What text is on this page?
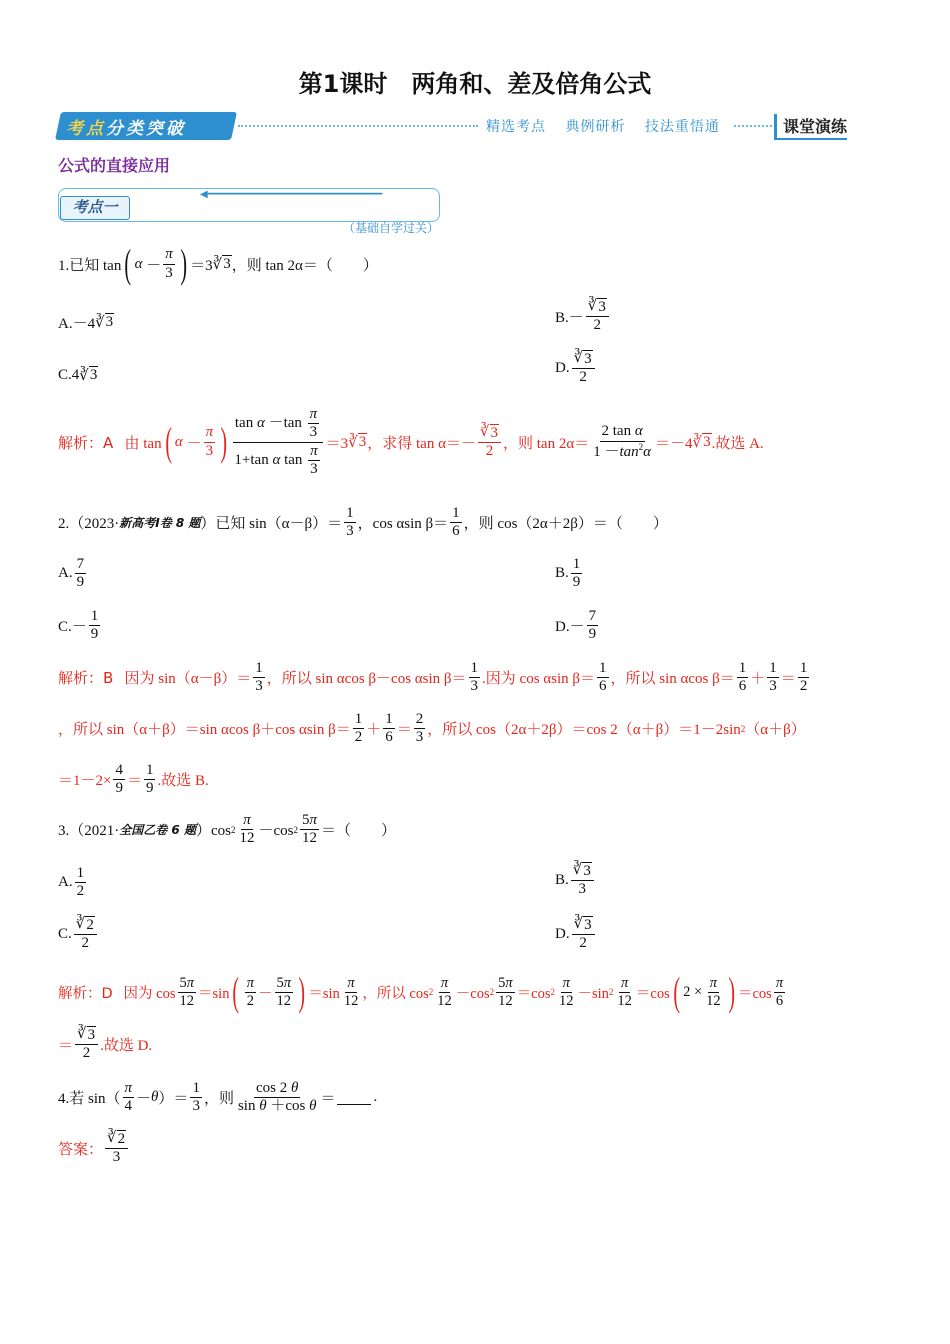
第1课时　两角和、差及倍角公式
考点分类突破	精选考点 典例研析 技法重悟通	课堂演练
公式的直接应用
◀━━━━━━━━━━━━━━━━━━━━━━━━━━━━━
考点一
（基础自学过关）
1.已知 tan ( $\alpha - \frac{\pi}{3}$ ) ＝3 ∛ 3 ，则 tan 2α＝（　　）
A.－4 ∛ 3	$B.- \frac{∛ 3}{2}$
C.4 ∛ 3	D. $\frac{∛ 3}{2}$
解析：A 由 tan ( $\alpha - \frac{\pi}{3}$ ) $\frac{\tan \alpha -\tan \frac{\pi}{3}}{1+\tan \alpha \tan \frac{\pi}{3}} =3$ ∛ 3 ， 求得 $\tan \alpha=- \frac{∛ 3}{2}$ ，则 $\tan 2\alpha= \frac{\text{2 tan α}}{1 -\tan^2\alpha} =-4$ ∛ 3 .故选 A.
2.（2023· 新高考Ⅰ卷 8 题 ）已知 $\sin(\alpha-\beta)= \frac{1}{3}$ ，cos αsin $\beta= \frac{1}{6}$ ，则 cos（2α＋2β）＝（　　）
A. $\frac{7}{9}$	B. $\frac{1}{9}$
$C.- \frac{1}{9}$	$D.- \frac{7}{9}$
解析：B
因为 $\sin(\alpha-\beta)= \frac{1}{3}$ ，所以 sin αcos β－cos αsin $\beta= \frac{1}{3}$ .因为 cos αsin $\beta= \frac{1}{6}$ ，所以 sin αcos $\beta= \frac{1}{6} + \frac{1}{3} = \frac{1}{2}$
，所以 sin（α＋β）＝sin αcos β＋cos αsin $\beta= \frac{1}{2} + \frac{1}{6} = \frac{2}{3}$ ，所以 cos（2α＋2β）＝cos 2（α＋β）＝1－2sin 2 （α＋β）
$=1-2\times \frac{4}{9} = \frac{1}{9}$ .故选 B.
3.（2021· 全国乙卷 6 题 ）cos $2 \frac{\pi}{12} -\cos$ $2 \frac{5\pi}{12}$ ＝（　　）
A. $\frac{1}{2}$	B. $\frac{∛ 3}{3}$
C. $\frac{∛ 2}{2}$	D. $\frac{∛ 3}{2}$
解析：D
因为 $\cos \frac{5\pi}{12} =\sin$ ( $\frac{\pi}{2} - \frac{5\pi}{12}$ ) $=\sin \frac{\pi}{12}$ ，所以 $\cos 2 \frac{\pi}{12} -\cos$ $2 \frac{5\pi}{12} =\cos$ $2 \frac{\pi}{12} -\sin$ $2 \frac{\pi}{12} =\cos$ ( $2 \times \frac{\pi}{12}$ ) $=\cos \frac{\pi}{6}$
＝ $\frac{∛ 3}{2}$ .故选 D.
4.若 $\sin( \frac{\pi}{4} - \theta$ ）＝ $\frac{1}{3}$ ，则 $\frac{\cos 2 \theta}{\text{sin θ ＋cos θ}}$ ＝	.
答案： $\frac{∛ 2}{3}$
